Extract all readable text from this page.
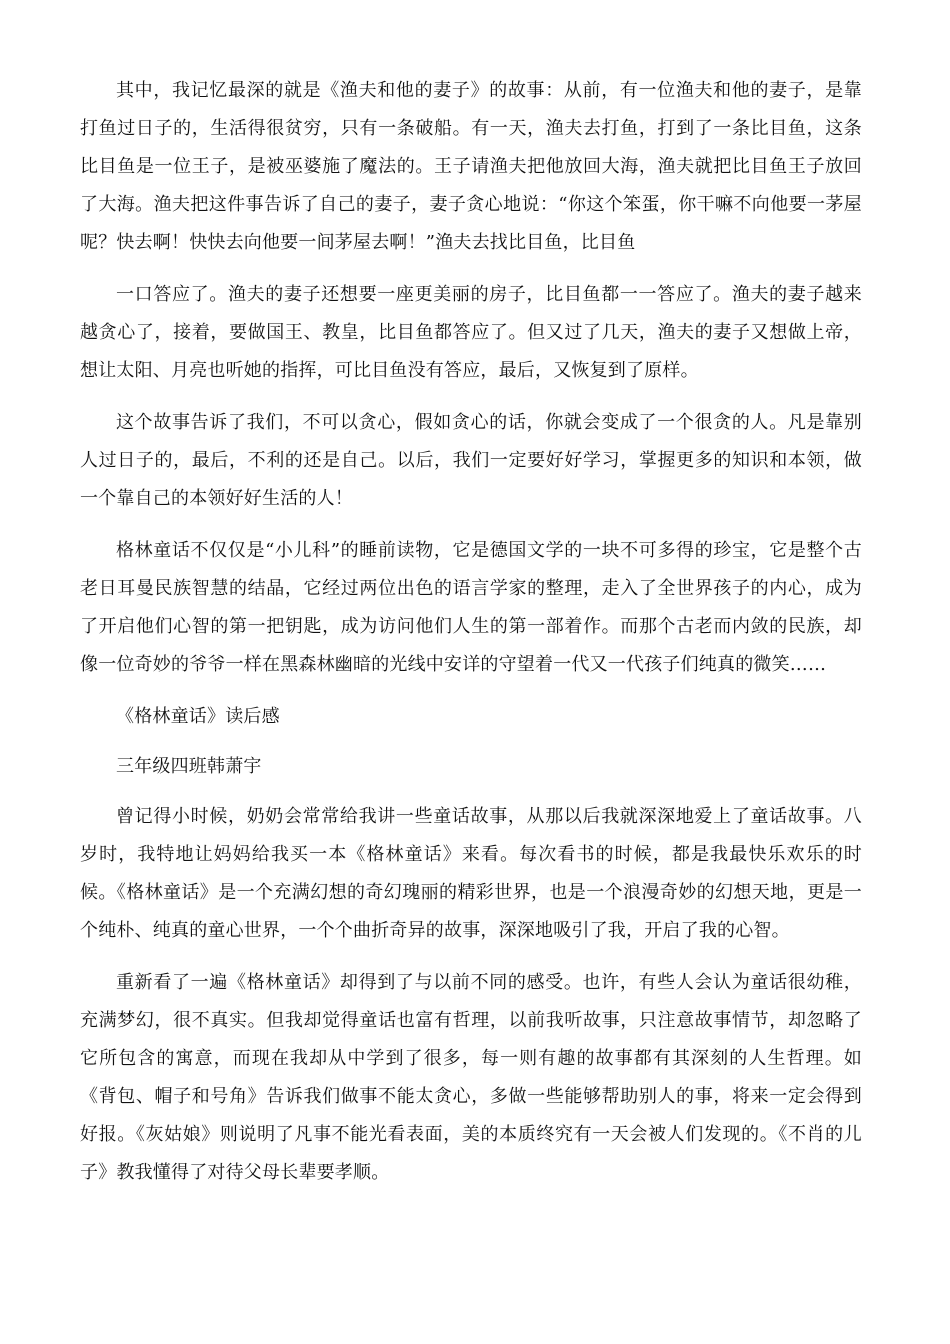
其中，我记忆最深的就是《渔夫和他的妻子》的故事：从前，有一位渔夫和他的妻子，是靠打鱼过日子的，生活得很贫穷，只有一条破船。有一天，渔夫去打鱼，打到了一条比目鱼，这条比目鱼是一位王子，是被巫婆施了魔法的。王子请渔夫把他放回大海，渔夫就把比目鱼王子放回了大海。渔夫把这件事告诉了自己的妻子，妻子贪心地说：“你这个笨蛋，你干嘛不向他要一茅屋呢？快去啊！快快去向他要一间茅屋去啊！”渔夫去找比目鱼，比目鱼

一口答应了。渔夫的妻子还想要一座更美丽的房子，比目鱼都一一答应了。渔夫的妻子越来越贪心了，接着，要做国王、教皇，比目鱼都答应了。但又过了几天，渔夫的妻子又想做上帝，想让太阳、月亮也听她的指挥，可比目鱼没有答应，最后，又恢复到了原样。

这个故事告诉了我们，不可以贪心，假如贪心的话，你就会变成了一个很贪的人。凡是靠别人过日子的，最后，不利的还是自己。以后，我们一定要好好学习，掌握更多的知识和本领，做一个靠自己的本领好好生活的人！

格林童话不仅仅是“小儿科”的睡前读物，它是德国文学的一块不可多得的珍宝，它是整个古老日耳曼民族智慧的结晶，它经过两位出色的语言学家的整理，走入了全世界孩子的内心，成为了开启他们心智的第一把钥匙，成为访问他们人生的第一部着作。而那个古老而内敛的民族，却像一位奇妙的爷爷一样在黑森林幽暗的光线中安详的守望着一代又一代孩子们纯真的微笑……

《格林童话》读后感

三年级四班韩萧宇

曾记得小时候，奶奶会常常给我讲一些童话故事，从那以后我就深深地爱上了童话故事。八岁时，我特地让妈妈给我买一本《格林童话》来看。每次看书的时候，都是我最快乐欢乐的时候。《格林童话》是一个充满幻想的奇幻瑰丽的精彩世界，也是一个浪漫奇妙的幻想天地，更是一个纯朴、纯真的童心世界，一个个曲折奇异的故事，深深地吸引了我，开启了我的心智。

重新看了一遍《格林童话》却得到了与以前不同的感受。也许，有些人会认为童话很幼稚，充满梦幻，很不真实。但我却觉得童话也富有哲理，以前我听故事，只注意故事情节，却忽略了它所包含的寓意，而现在我却从中学到了很多，每一则有趣的故事都有其深刻的人生哲理。如《背包、帽子和号角》告诉我们做事不能太贪心，多做一些能够帮助别人的事，将来一定会得到好报。《灰姑娘》则说明了凡事不能光看表面，美的本质终究有一天会被人们发现的。《不肖的儿子》教我懂得了对待父母长辈要孝顺。
